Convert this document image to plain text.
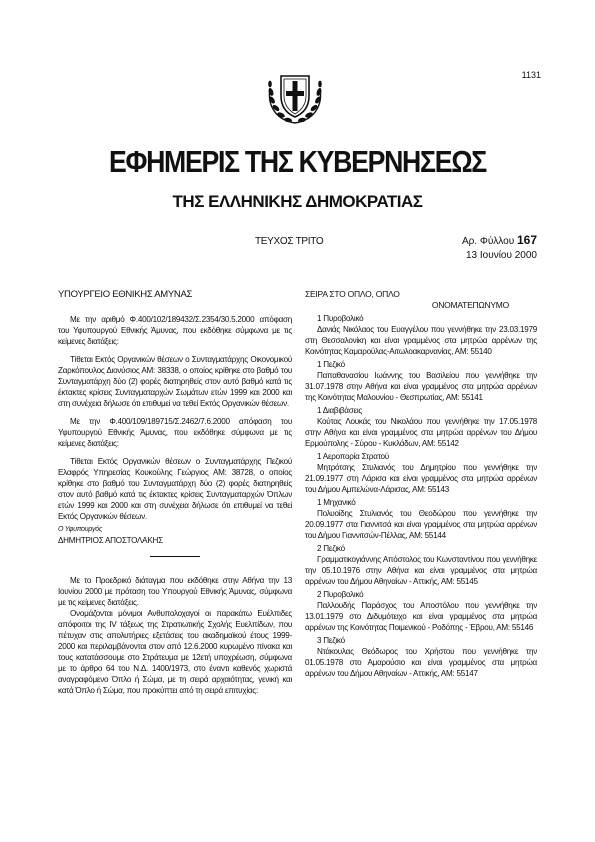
1131
ΕΦΗΜΕΡΙΣ ΤΗΣ ΚΥΒΕΡΝΗΣΕΩΣ
ΤΗΣ ΕΛΛΗΝΙΚΗΣ ΔΗΜΟΚΡΑΤΙΑΣ
ΤΕΥΧΟΣ ΤΡΙΤΟ	Αρ. Φύλλου 167
13 Ιουνίου 2000

ΥΠΟΥΡΓΕΙΟ ΕΘΝΙΚΗΣ ΑΜΥΝΑΣ

Με την αριθμό Φ.400/102/189432/Σ.2354/30.5.2000 απόφαση του Υφυπουργού Εθνικής Άμυνας, που εκδόθηκε σύμφωνα με τις κείμενες διατάξεις:

Τίθεται Εκτός Οργανικών θέσεων ο Συνταγματάρχης Οικονομικού Ζαρκόπουλος Διονύσιος ΑΜ: 38338, ο οποίος κρίθηκε στο βαθμό του Συνταγματάρχη δύο (2) φορές διατηρηθείς στον αυτό βαθμό κατά τις έκτακτες κρίσεις Συνταγματαρχών Σωμάτων ετών 1999 και 2000 και στη συνέχεια δήλωσε ότι επιθυμεί να τεθεί Εκτός Οργανικών θέσεων.

Με την Φ.400/109/189715/Σ.2462/7.6.2000 απόφαση του Υφυπουργού Εθνικής Άμυνας, που εκδόθηκε σύμφωνα με τις κείμενες διατάξεις:

Τίθεται Εκτός Οργανικών θέσεων ο Συνταγματάρχης Πεζικού Ελαφρός Υπηρεσίας Κουκούλης Γεώργιος ΑΜ: 38728, ο οποίος κρίθηκε στο βαθμό του Συνταγματάρχη δύο (2) φορές διατηρηθείς στον αυτό βαθμό κατά τις έκτακτες κρίσεις Συνταγματαρχών Όπλων ετών 1999 και 2000 και στη συνέχεια δήλωσε ότι επιθυμεί να τεθεί Εκτός Οργανικών θέσεων.

Ο Υφυπουργός

ΔΗΜΗΤΡΙΟΣ ΑΠΟΣΤΟΛΑΚΗΣ

Με το Προεδρικό διάταγμα που εκδόθηκε στην Αθήνα την 13 Ιουνίου 2000 με πρόταση του Υπουργού Εθνικής Άμυνας, σύμφωνα με τις κείμενες διατάξεις.

Ονομάζονται μόνιμοι Ανθυπολοχαγοί οι παρακάτω Ευέλπιδες απόφοιτοι της IV τάξεως της Στρατιωτικής Σχολής Ευελπίδων, που πέτυχαν στις απολυτήριες εξετάσεις του ακαδημαϊκού έτους 1999-2000 και περιλαμβάνονται στον από 12.6.2000 κυρωμένο πίνακα και τους κατατάσσουμε στο Στράτευμα με 12ετή υποχρέωση, σύμφωνα με το άρθρο 64 του Ν.Δ. 1400/1973, στο έναντι καθενός χωριστά αναγραφόμενο Όπλο ή Σώμα, με τη σειρά αρχαιότητας, γενική και κατά Όπλο ή Σώμα, που προκύπτει από τη σειρά επιτυχίας:

ΣΕΙΡΑ ΣΤΟ ΟΠΛΟ, ΟΠΛΟ

ΟΝΟΜΑΤΕΠΩΝΥΜΟ

1 Πυροβολικό

Δανιάς Νικόλαος του Ευαγγέλου που γεννήθηκε την 23.03.1979 στη Θεσσαλονίκη και είναι γραμμένος στα μητρώα αρρένων της Κοινότητας Καμαρούλας-Αιτωλοακαρνανίας, ΑΜ: 55140

1 Πεζικό

Παπαθανασίου Ιωάννης του Βασιλείου που γεννήθηκε την 31.07.1978 στην Αθήνα και είναι γραμμένος στα μητρώα αρρένων της Κοινότητας Μαλουνίου - Θεσπρωτίας, ΑΜ: 55141

1 Διαβιβάσεις

Κούτας Λουκάς του Νικολάου που γεννήθηκε την 17.05.1978 στην Αθήνα και είναι γραμμένος στα μητρώα αρρένων του Δήμου Ερμούπολης - Σύρου - Κυκλάδων, ΑΜ: 55142

1 Αεροπορία Στρατού

Μητρότσης Στυλιανός του Δημητρίου που γεννήθηκε την 21.09.1977 στη Λάρισα και είναι γραμμένος στα μητρώα αρρένων του Δήμου Αμπελώνα-Λάρισας, ΑΜ: 55143

1 Μηχανικό

Πολυοίδης Στυλιανός του Θεοδώρου που γεννήθηκε την 20.09.1977 στα Γιαννιτσά και είναι γραμμένος στα μητρώα αρρένων του Δήμου Γιαννιτσών-Πέλλας, ΑΜ: 55144

2 Πεζικό

Γραμματικογιάννης Απόστολος του Κωνσταντίνου που γεννήθηκε την 05.10.1976 στην Αθήνα και είναι γραμμένος στα μητρώα αρρένων του Δήμου Αθηναίων - Αττικής, ΑΜ: 55145

2 Πυροβολικό

Παλλουδής Παράσχος του Αποστόλου που γεννήθηκε την 13.01.1979 στο Διδυμότειχο και είναι γραμμένος στα μητρώα αρρένων της Κοινότητας Ποιμενικού - Ροδόπης - Έβρου, ΑΜ: 55146

3 Πεζικό

Ντάκουλας Θεόδωρος του Χρήστου που γεννήθηκε την 01.05.1978 στο Αμαρούσιο και είναι γραμμένος στα μητρώα αρρένων του Δήμου Αθηναίων - Αττικής, ΑΜ: 55147
